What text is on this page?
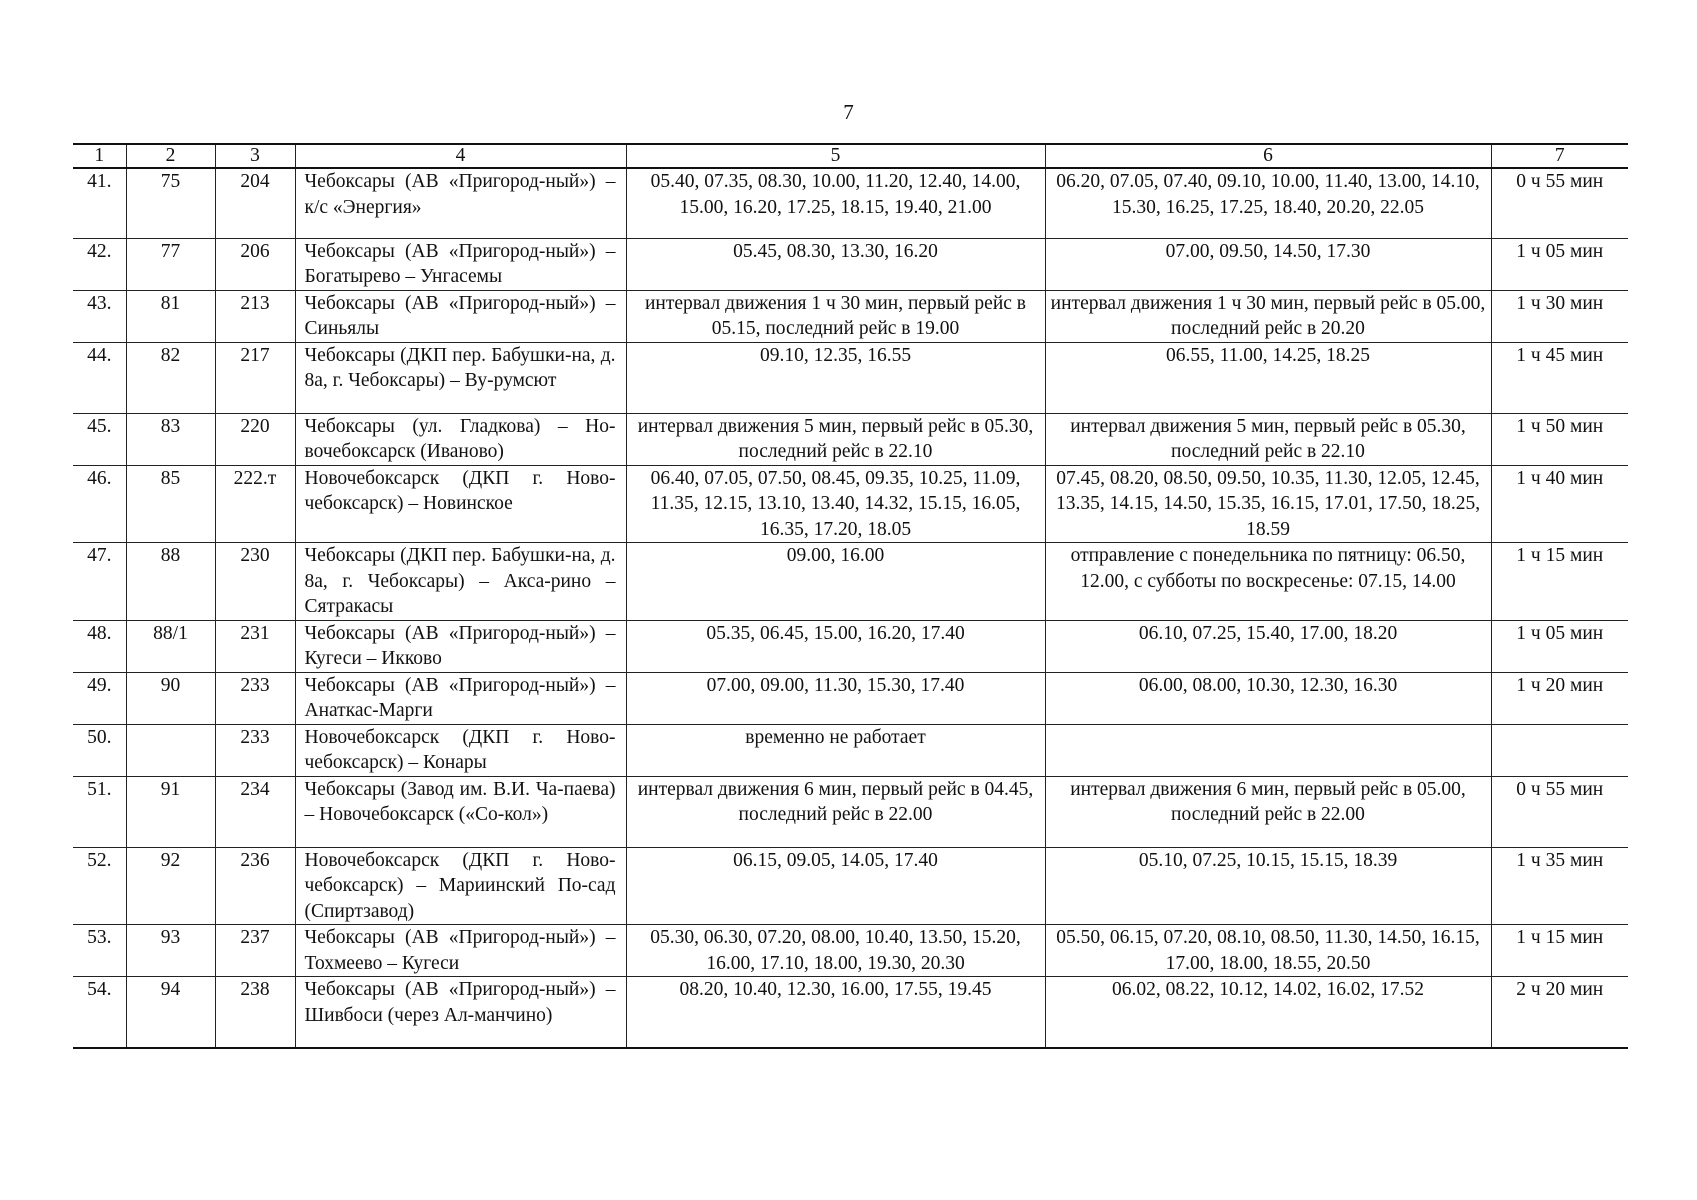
7
1	2	3	4	5	6	7
41.	75	204	Чебоксары (АВ «Пригород-ный») – к/с «Энергия»	05.40, 07.35, 08.30, 10.00, 11.20, 12.40, 14.00, 15.00, 16.20, 17.25, 18.15, 19.40, 21.00	06.20, 07.05, 07.40, 09.10, 10.00, 11.40, 13.00, 14.10, 15.30, 16.25, 17.25, 18.40, 20.20, 22.05	0 ч 55 мин
42.	77	206	Чебоксары (АВ «Пригород-ный») – Богатырево – Унгасемы	05.45, 08.30, 13.30, 16.20	07.00, 09.50, 14.50, 17.30	1 ч 05 мин
43.	81	213	Чебоксары (АВ «Пригород-ный») – Синьялы	интервал движения 1 ч 30 мин, первый рейс в 05.15, последний рейс в 19.00	интервал движения 1 ч 30 мин, первый рейс в 05.00, последний рейс в 20.20	1 ч 30 мин
44.	82	217	Чебоксары (ДКП пер. Бабушки-на, д. 8а, г. Чебоксары) – Ву-румсют	09.10, 12.35, 16.55	06.55, 11.00, 14.25, 18.25	1 ч 45 мин
45.	83	220	Чебоксары (ул. Гладкова) – Но-вочебоксарск (Иваново)	интервал движения 5 мин, первый рейс в 05.30, последний рейс в 22.10	интервал движения 5 мин, первый рейс в 05.30, последний рейс в 22.10	1 ч 50 мин
46.	85	222.т	Новочебоксарск (ДКП г. Ново-чебоксарск) – Новинское	06.40, 07.05, 07.50, 08.45, 09.35, 10.25, 11.09, 11.35, 12.15, 13.10, 13.40, 14.32, 15.15, 16.05, 16.35, 17.20, 18.05	07.45, 08.20, 08.50, 09.50, 10.35, 11.30, 12.05, 12.45, 13.35, 14.15, 14.50, 15.35, 16.15, 17.01, 17.50, 18.25, 18.59	1 ч 40 мин
47.	88	230	Чебоксары (ДКП пер. Бабушки-на, д. 8а, г. Чебоксары) – Акса-рино – Сятракасы	09.00, 16.00	отправление с понедельника по пятницу: 06.50, 12.00, с субботы по воскресенье: 07.15, 14.00	1 ч 15 мин
48.	88/1	231	Чебоксары (АВ «Пригород-ный») – Кугеси – Икково	05.35, 06.45, 15.00, 16.20, 17.40	06.10, 07.25, 15.40, 17.00, 18.20	1 ч 05 мин
49.	90	233	Чебоксары (АВ «Пригород-ный») – Анаткас-Марги	07.00, 09.00, 11.30, 15.30, 17.40	06.00, 08.00, 10.30, 12.30, 16.30	1 ч 20 мин
50.		233	Новочебоксарск (ДКП г. Ново-чебоксарск) – Конары	временно не работает		
51.	91	234	Чебоксары (Завод им. В.И. Ча-паева) – Новочебоксарск («Со-кол»)	интервал движения 6 мин, первый рейс в 04.45, последний рейс в 22.00	интервал движения 6 мин, первый рейс в 05.00, последний рейс в 22.00	0 ч 55 мин
52.	92	236	Новочебоксарск (ДКП г. Ново-чебоксарск) – Мариинский По-сад (Спиртзавод)	06.15, 09.05, 14.05, 17.40	05.10, 07.25, 10.15, 15.15, 18.39	1 ч 35 мин
53.	93	237	Чебоксары (АВ «Пригород-ный») – Тохмеево – Кугеси	05.30, 06.30, 07.20, 08.00, 10.40, 13.50, 15.20, 16.00, 17.10, 18.00, 19.30, 20.30	05.50, 06.15, 07.20, 08.10, 08.50, 11.30, 14.50, 16.15, 17.00, 18.00, 18.55, 20.50	1 ч 15 мин
54.	94	238	Чебоксары (АВ «Пригород-ный») – Шивбоси (через Ал-манчино)	08.20, 10.40, 12.30, 16.00, 17.55, 19.45	06.02, 08.22, 10.12, 14.02, 16.02, 17.52	2 ч 20 мин
